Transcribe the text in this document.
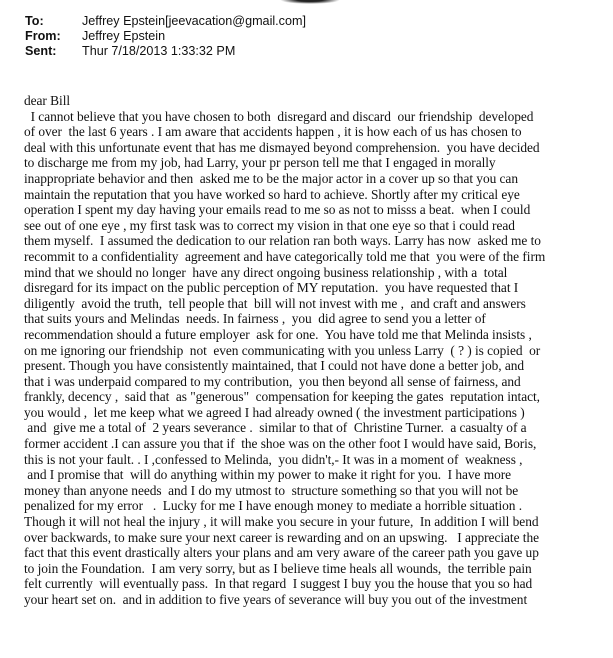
To:	Jeffrey Epstein[jeevacation@gmail.com]
From:	Jeffrey Epstein
Sent:	Thur 7/18/2013 1:33:32 PM
dear Bill
I cannot believe that you have chosen to both  disregard and discard  our friendship  developed
of over  the last 6 years . I am aware that accidents happen , it is how each of us has chosen to
deal with this unfortunate event that has me dismayed beyond comprehension.  you have decided
to discharge me from my job, had Larry, your pr person tell me that I engaged in morally
inappropriate behavior and then  asked me to be the major actor in a cover up so that you can
maintain the reputation that you have worked so hard to achieve. Shortly after my critical eye
operation I spent my day having your emails read to me so as not to misss a beat.  when I could
see out of one eye , my first task was to correct my vision in that one eye so that i could read
them myself.  I assumed the dedication to our relation ran both ways. Larry has now  asked me to
recommit to a confidentiality  agreement and have categorically told me that  you were of the firm
mind that we should no longer  have any direct ongoing business relationship , with a  total
disregard for its impact on the public perception of MY reputation.  you have requested that I
diligently  avoid the truth,  tell people that  bill will not invest with me ,  and craft and answers
that suits yours and Melindas  needs. In fairness ,  you  did agree to send you a letter of
recommendation should a future employer  ask for one.  You have told me that Melinda insists ,
on me ignoring our friendship  not  even communicating with you unless Larry  ( ? ) is copied  or
present. Though you have consistently maintained, that I could not have done a better job, and
that i was underpaid compared to my contribution,  you then beyond all sense of fairness, and
frankly, decency ,  said that  as "generous"  compensation for keeping the gates  reputation intact,
you would ,  let me keep what we agreed I had already owned ( the investment participations )
and  give me a total of  2 years severance .  similar to that of  Christine Turner.  a casualty of a
former accident .I can assure you that if  the shoe was on the other foot I would have said, Boris,
this is not your fault. . I ,confessed to Melinda,  you didn't,- It was in a moment of  weakness ,
and I promise that  will do anything within my power to make it right for you.  I have more
money than anyone needs  and I do my utmost to  structure something so that you will not be
penalized for my error   .  Lucky for me I have enough money to mediate a horrible situation .
Though it will not heal the injury , it will make you secure in your future,  In addition I will bend
over backwards, to make sure your next career is rewarding and on an upswing.   I appreciate the
fact that this event drastically alters your plans and am very aware of the career path you gave up
to join the Foundation.  I am very sorry, but as I believe time heals all wounds,  the terrible pain
felt currently  will eventually pass.  In that regard  I suggest I buy you the house that you so had
your heart set on.  and in addition to five years of severance will buy you out of the investment
